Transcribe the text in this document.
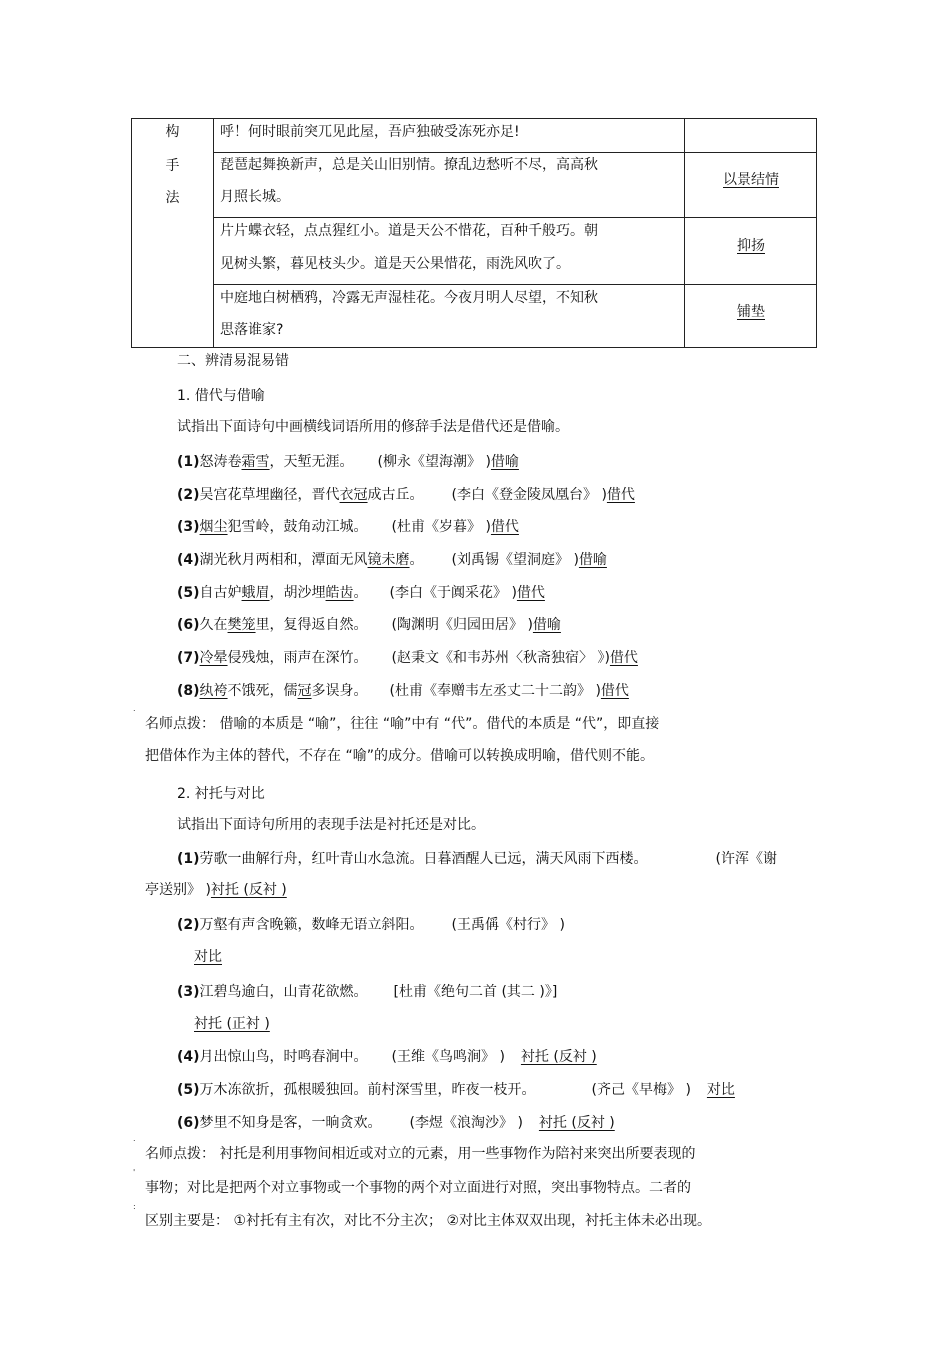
构
手
法
呼！何时眼前突兀见此屋，吾庐独破受冻死亦足!
琵琶起舞换新声，总是关山旧别情。撩乱边愁听不尽，高高秋
月照长城。
以景结情
片片蝶衣轻，点点猩红小。道是天公不惜花，百种千般巧。朝
见树头繁，暮见枝头少。道是天公果惜花，雨洗风吹了。
抑扬
中庭地白树栖鸦，冷露无声湿桂花。今夜月明人尽望，不知秋
思落谁家?
铺垫
二、辨清易混易错
1. 借代与借喻
试指出下面诗句中画横线词语所用的修辞手法是借代还是借喻。
(1)怒涛卷霜雪，天堑无涯。 (柳永《望海潮》 )借喻
(2)吴宫花草埋幽径，晋代衣冠成古丘。 (李白《登金陵凤凰台》 )借代
(3)烟尘犯雪岭，鼓角动江城。 (杜甫《岁暮》 )借代
(4)湖光秋月两相和，潭面无风镜未磨。 (刘禹锡《望洞庭》 )借喻
(5)自古妒蛾眉，胡沙埋皓齿。 (李白《于阗采花》 )借代
(6)久在樊笼里，复得返自然。 (陶渊明《归园田居》 )借喻
(7)冷晕侵残烛，雨声在深竹。 (赵秉文《和韦苏州〈秋斋独宿〉 》)借代
(8)纨袴不饿死，儒冠多误身。 (杜甫《奉赠韦左丞丈二十二韵》 )借代
.
名师点拨： 借喻的本质是 “喻”，往往 “喻”中有 “代”。借代的本质是 “代”，即直接
把借体作为主体的替代，不存在 “喻”的成分。借喻可以转换成明喻，借代则不能。
2. 衬托与对比
试指出下面诗句所用的表现手法是衬托还是对比。
(1)劳歌一曲解行舟，红叶青山水急流。日暮酒醒人已远，满天风雨下西楼。	(许浑《谢
亭送别》 )衬托 (反衬 )
(2)万壑有声含晚籁，数峰无语立斜阳。 (王禹偁《村行》 )
对比
(3)江碧鸟逾白，山青花欲燃。 [杜甫《绝句二首 (其二 )》]
衬托 (正衬 )
(4)月出惊山鸟，时鸣春涧中。 (王维《鸟鸣涧》 ) 衬托 (反衬 )
(5)万木冻欲折，孤根暖独回。前村深雪里，昨夜一枝开。	(齐己《早梅》 ) 对比
(6)梦里不知身是客，一晌贪欢。 (李煜《浪淘沙》 ) 衬托 (反衬 )
.
名师点拨： 衬托是利用事物间相近或对立的元素，用一些事物作为陪衬来突出所要表现的
'
事物；对比是把两个对立事物或一个事物的两个对立面进行对照，突出事物特点。二者的
:
区别主要是： ①衬托有主有次，对比不分主次； ②对比主体双双出现，衬托主体未必出现。
